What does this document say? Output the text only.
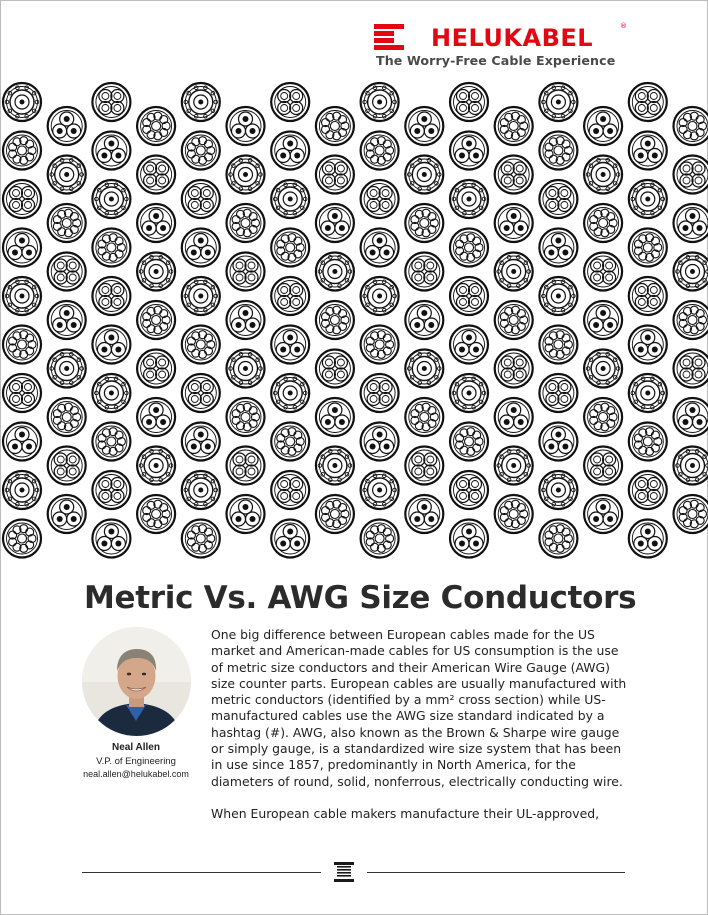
HELUKABEL	®
The Worry-Free Cable Experience
Metric Vs. AWG Size Conductors
Neal Allen
V.P. of Engineering
neal.allen@helukabel.com

One big difference between European cables made for the US market and American-made cables for US consumption is the use of metric size conductors and their American Wire Gauge (AWG) size counter parts. European cables are usually manufactured with metric conductors (identified by a mm² cross section) while US-manufactured cables use the AWG size standard indicated by a hashtag (#). AWG, also known as the Brown & Sharpe wire gauge or simply gauge, is a standardized wire size system that has been in use since 1857, predominantly in North America, for the diameters of round, solid, nonferrous, electrically conducting wire.

When European cable makers manufacture their UL-approved,
